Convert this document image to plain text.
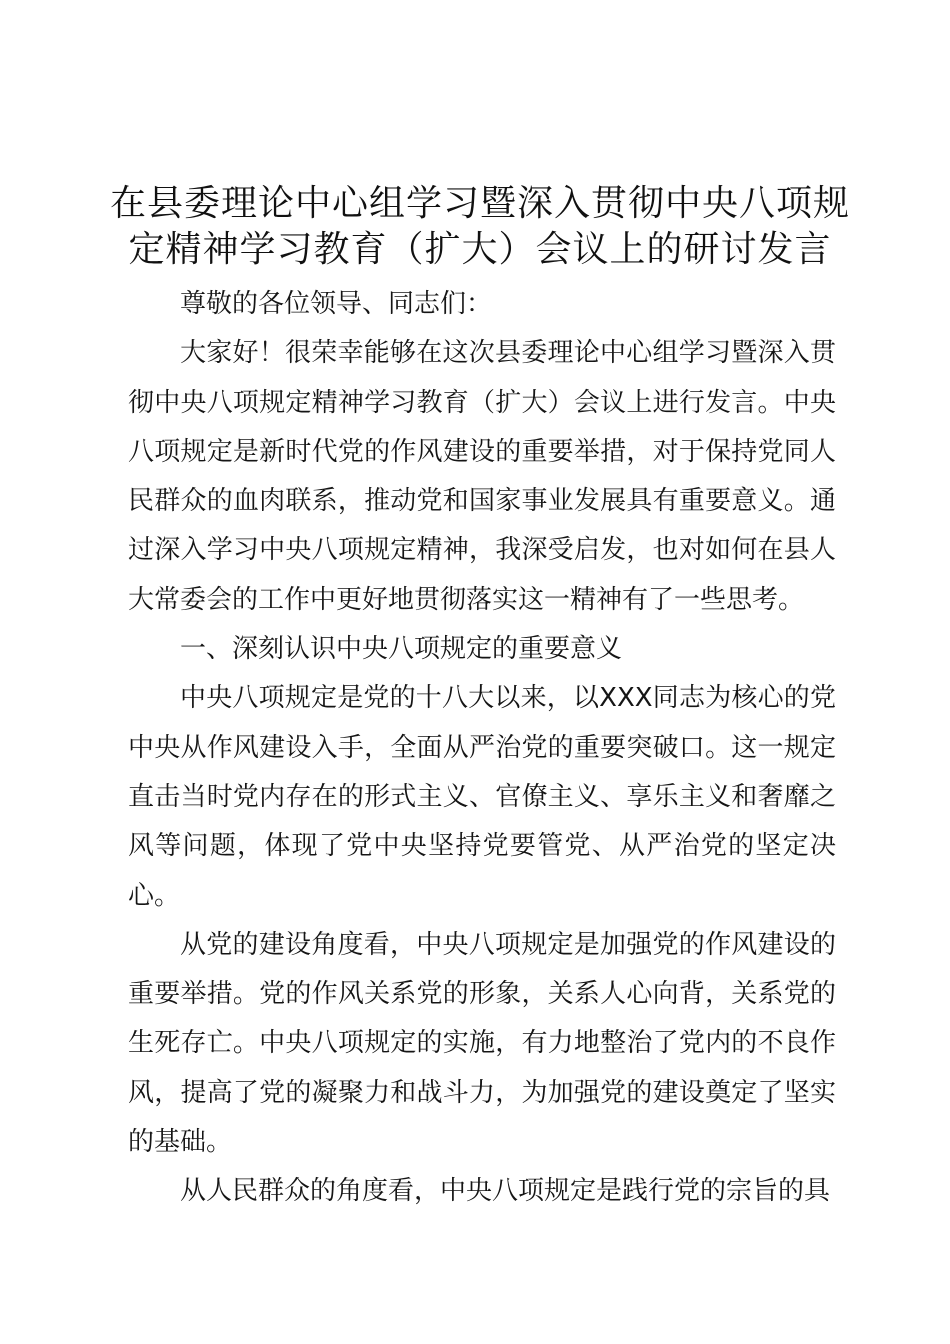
在县委理论中心组学习暨深入贯彻中央八项规定精神学习教育（扩大）会议上的研讨发言

尊敬的各位领导、同志们：

大家好！很荣幸能够在这次县委理论中心组学习暨深入贯彻中央八项规定精神学习教育（扩大）会议上进行发言。中央八项规定是新时代党的作风建设的重要举措，对于保持党同人民群众的血肉联系，推动党和国家事业发展具有重要意义。通过深入学习中央八项规定精神，我深受启发，也对如何在县人大常委会的工作中更好地贯彻落实这一精神有了一些思考。

一、深刻认识中央八项规定的重要意义

中央八项规定是党的十八大以来，以XXX同志为核心的党中央从作风建设入手，全面从严治党的重要突破口。这一规定直击当时党内存在的形式主义、官僚主义、享乐主义和奢靡之风等问题，体现了党中央坚持党要管党、从严治党的坚定决心。

从党的建设角度看，中央八项规定是加强党的作风建设的重要举措。党的作风关系党的形象，关系人心向背，关系党的生死存亡。中央八项规定的实施，有力地整治了党内的不良作风，提高了党的凝聚力和战斗力，为加强党的建设奠定了坚实的基础。

从人民群众的角度看，中央八项规定是践行党的宗旨的具
